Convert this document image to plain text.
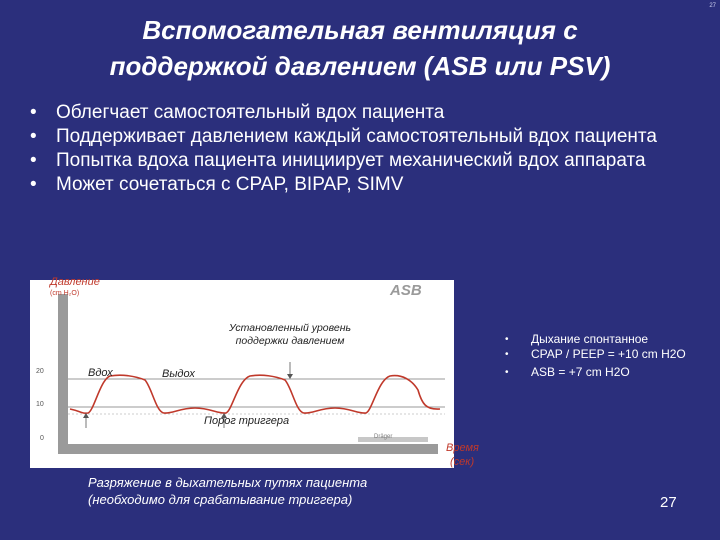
27
Вспомогательная вентиляция с
поддержкой давлением (ASB или PSV)
• Облегчает самостоятельный вдох пациента
• Поддерживает давлением каждый самостоятельный вдох пациента
• Попытка вдоха пациента инициирует механический вдох аппарата
• Может сочетаться с CPAP, BIPAP, SIMV
Давление
(cm H₂O)	ASB
20
10
0
Вдох	Выдох
Установленный уровень поддержки давлением
Порог триггера
Dräger
Время
(сек)
• Дыхание спонтанное
• CPAP / PEEP = +10 cm H2O
• ASB = +7 cm H2O
Разряжение в дыхательных путях пациента (необходимо для срабатывание триггера)	27
